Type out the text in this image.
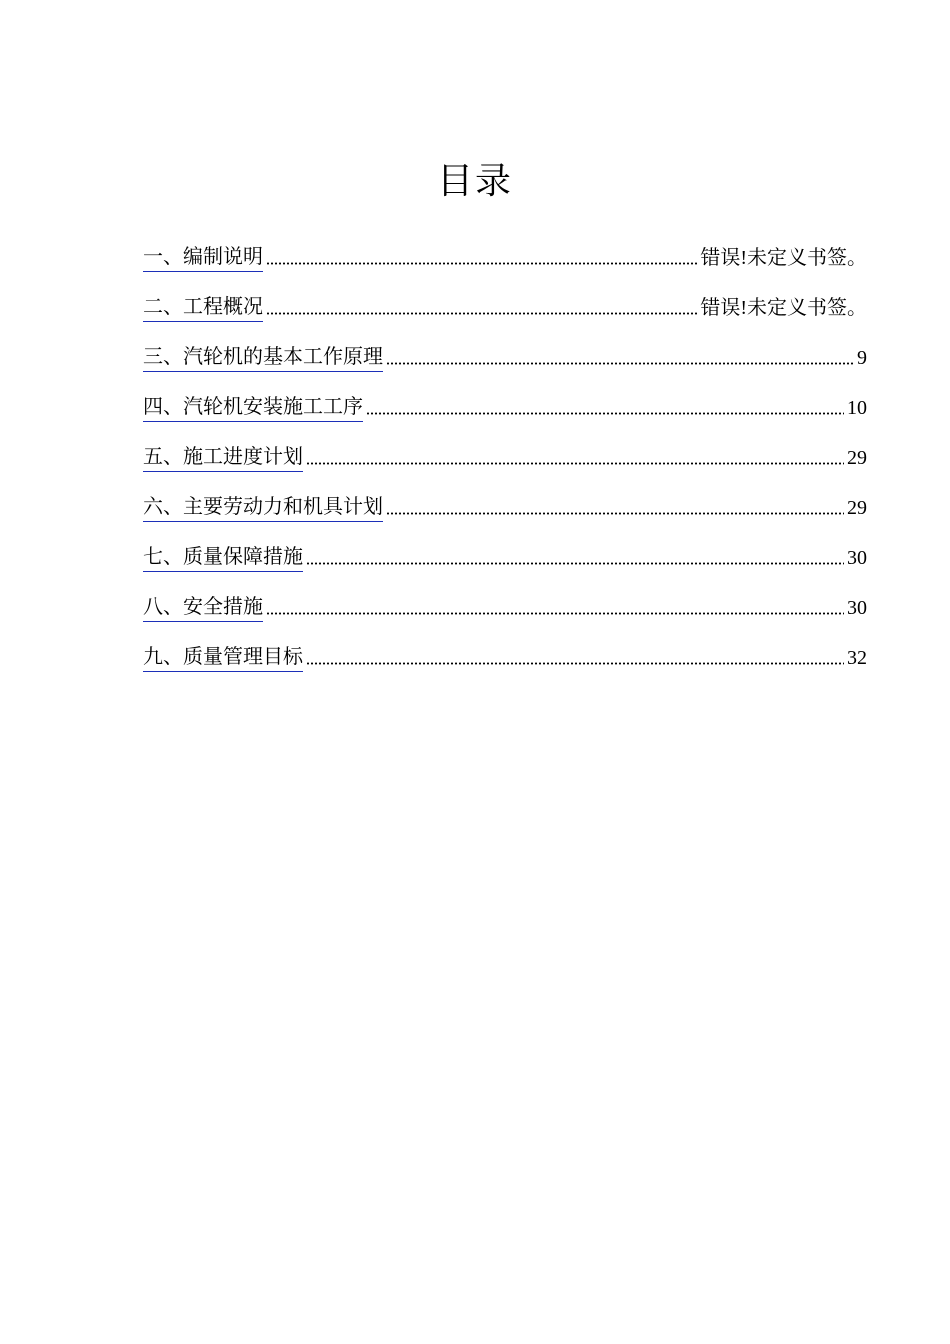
目录
一、编制说明	错误!未定义书签。
二、工程概况	错误!未定义书签。
三、汽轮机的基本工作原理	9
四、汽轮机安装施工工序	10
五、施工进度计划	29
六、主要劳动力和机具计划	29
七、质量保障措施	30
八、安全措施	30
九、质量管理目标	32
